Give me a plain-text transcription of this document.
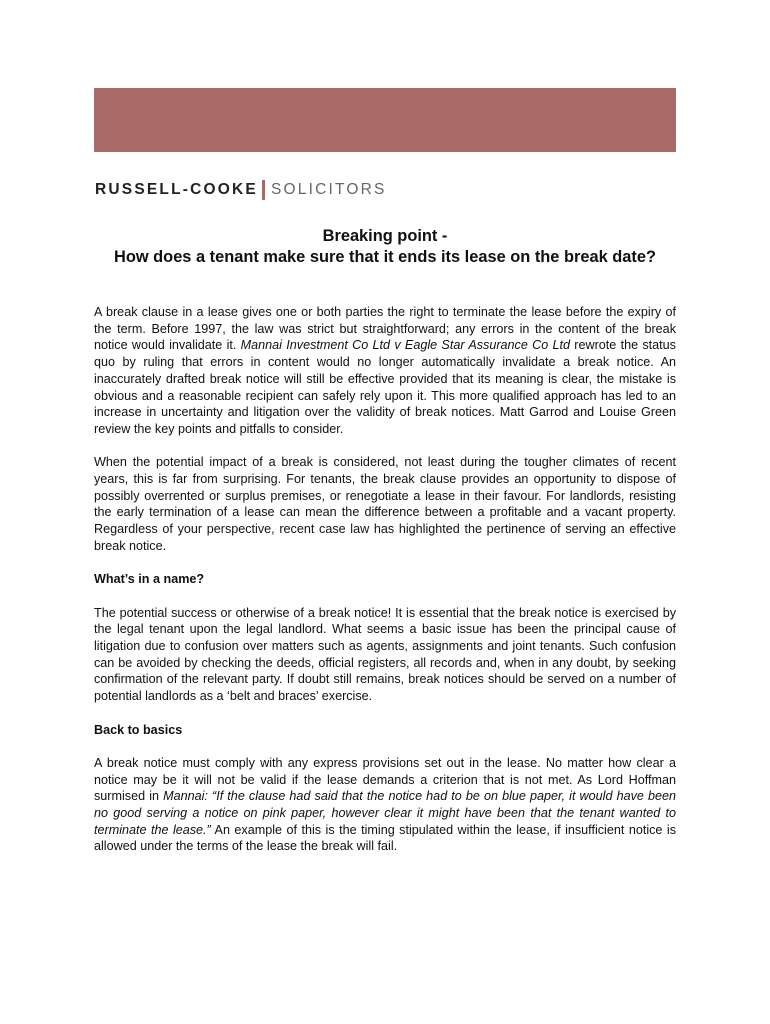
RUSSELL-COOKE SOLICITORS
Breaking point -
How does a tenant make sure that it ends its lease on the break date?

A break clause in a lease gives one or both parties the right to terminate the lease before the expiry of the term. Before 1997, the law was strict but straightforward; any errors in the content of the break notice would invalidate it. Mannai Investment Co Ltd v Eagle Star Assurance Co Ltd rewrote the status quo by ruling that errors in content would no longer automatically invalidate a break notice. An inaccurately drafted break notice will still be effective provided that its meaning is clear, the mistake is obvious and a reasonable recipient can safely rely upon it. This more qualified approach has led to an increase in uncertainty and litigation over the validity of break notices. Matt Garrod and Louise Green review the key points and pitfalls to consider.

When the potential impact of a break is considered, not least during the tougher climates of recent years, this is far from surprising. For tenants, the break clause provides an opportunity to dispose of possibly overrented or surplus premises, or renegotiate a lease in their favour. For landlords, resisting the early termination of a lease can mean the difference between a profitable and a vacant property. Regardless of your perspective, recent case law has highlighted the pertinence of serving an effective break notice.

What’s in a name?

The potential success or otherwise of a break notice! It is essential that the break notice is exercised by the legal tenant upon the legal landlord. What seems a basic issue has been the principal cause of litigation due to confusion over matters such as agents, assignments and joint tenants. Such confusion can be avoided by checking the deeds, official registers, all records and, when in any doubt, by seeking confirmation of the relevant party. If doubt still remains, break notices should be served on a number of potential landlords as a ‘belt and braces’ exercise.

Back to basics

A break notice must comply with any express provisions set out in the lease. No matter how clear a notice may be it will not be valid if the lease demands a criterion that is not met. As Lord Hoffman surmised in Mannai: “If the clause had said that the notice had to be on blue paper, it would have been no good serving a notice on pink paper, however clear it might have been that the tenant wanted to terminate the lease.” An example of this is the timing stipulated within the lease, if insufficient notice is allowed under the terms of the lease the break will fail.
